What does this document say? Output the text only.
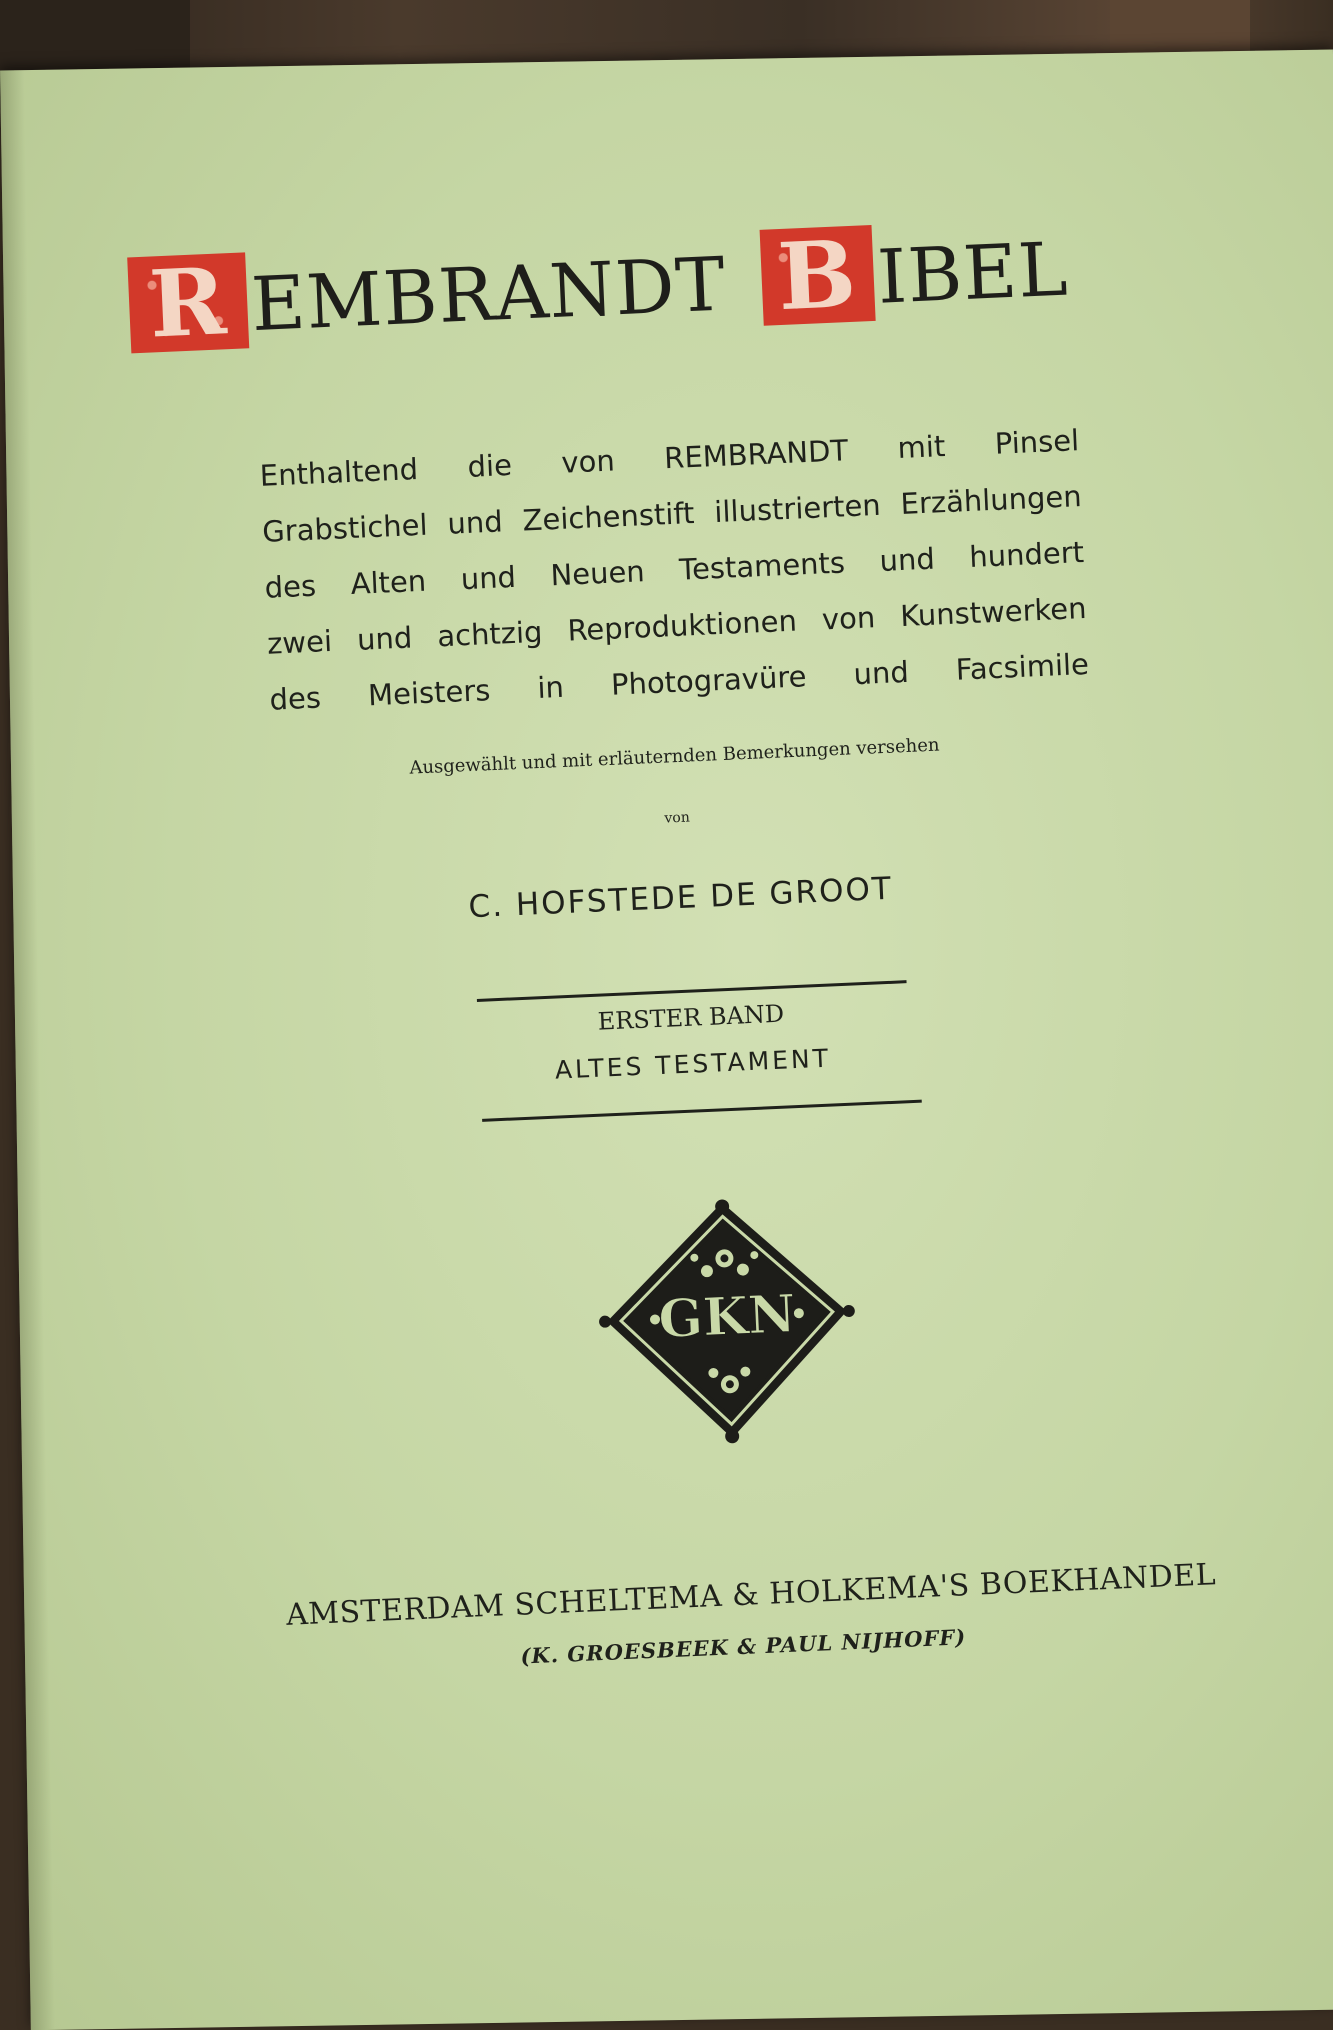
R EMBRANDT B IBEL

Enthaltend die von REMBRANDT mit Pinsel

Grabstichel und Zeichenstift illustrierten Erzählungen

des Alten und Neuen Testaments und hundert

zwei und achtzig Reproduktionen von Kunstwerken

des Meisters in Photogravüre und Facsimile

Ausgewählt und mit erläuternden Bemerkungen versehen
von
C. HOFSTEDE DE GROOT
ERSTER BAND
ALTES TESTAMENT
GKN
AMSTERDAM SCHELTEMA & HOLKEMA'S BOEKHANDEL
(K. GROESBEEK & PAUL NIJHOFF)
